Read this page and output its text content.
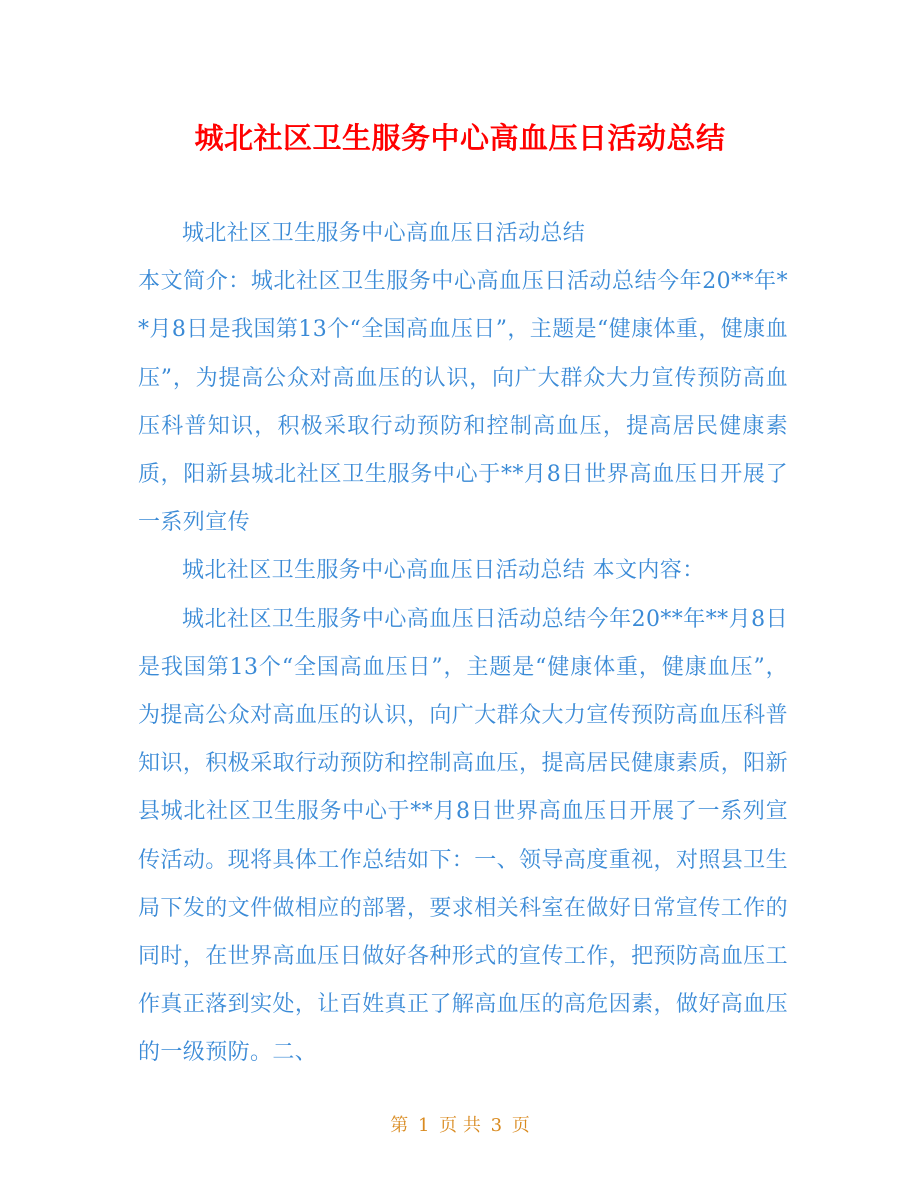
城北社区卫生服务中心高血压日活动总结

城北社区卫生服务中心高血压日活动总结

本文简介：城北社区卫生服务中心高血压日活动总结今年20**年**月8日是我国第13个“全国高血压日”，主题是“健康体重，健康血压”，为提高公众对高血压的认识，向广大群众大力宣传预防高血压科普知识，积极采取行动预防和控制高血压，提高居民健康素质，阳新县城北社区卫生服务中心于**月8日世界高血压日开展了一系列宣传

城北社区卫生服务中心高血压日活动总结 本文内容：

城北社区卫生服务中心高血压日活动总结今年20**年**月8日是我国第13个“全国高血压日”，主题是“健康体重，健康血压”，为提高公众对高血压的认识，向广大群众大力宣传预防高血压科普知识，积极采取行动预防和控制高血压，提高居民健康素质，阳新县城北社区卫生服务中心于**月8日世界高血压日开展了一系列宣传活动。现将具体工作总结如下：一、领导高度重视，对照县卫生局下发的文件做相应的部署，要求相关科室在做好日常宣传工作的同时，在世界高血压日做好各种形式的宣传工作，把预防高血压工作真正落到实处，让百姓真正了解高血压的高危因素，做好高血压的一级预防。二、

第 1 页 共 3 页
